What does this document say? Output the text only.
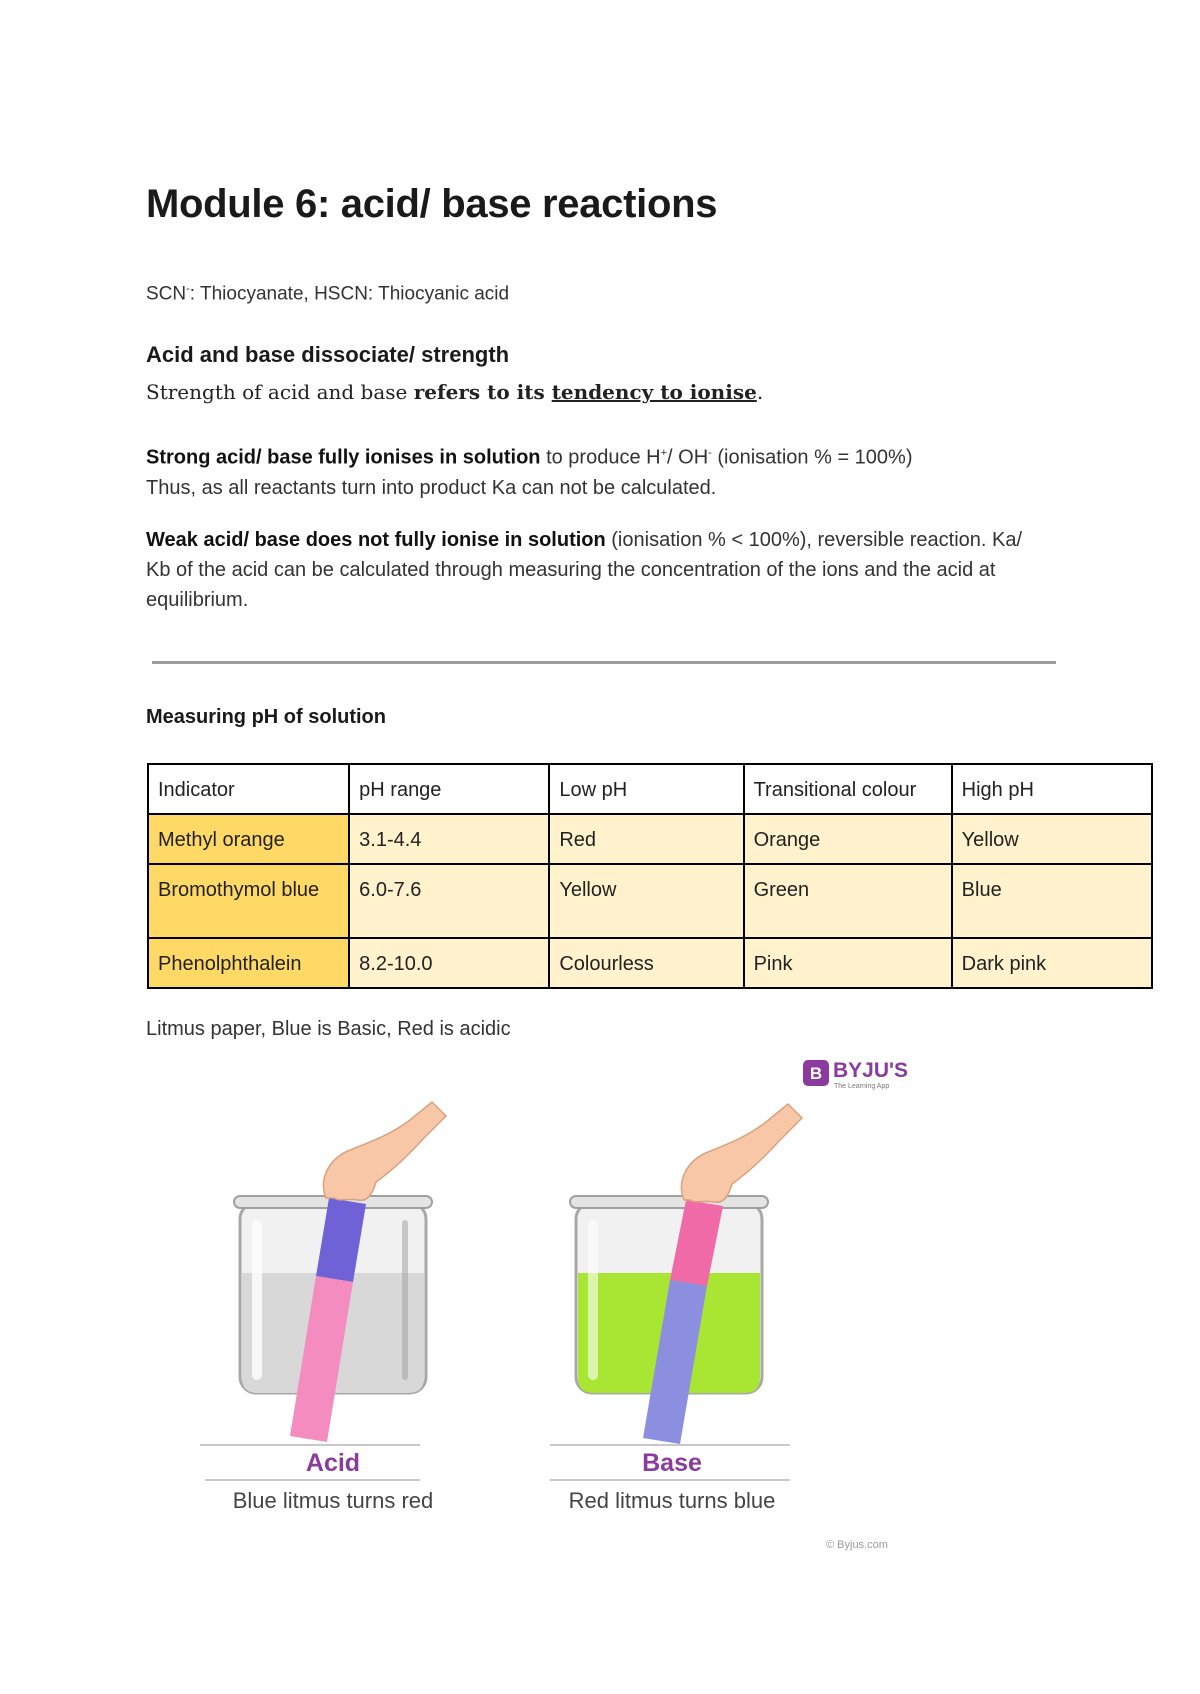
Module 6: acid/ base reactions
SCN-: Thiocyanate, HSCN: Thiocyanic acid
Acid and base dissociate/ strength
Strength of acid and base refers to its tendency to ionise.
Strong acid/ base fully ionises in solution to produce H+/ OH- (ionisation % = 100%)
Thus, as all reactants turn into product Ka can not be calculated.
Weak acid/ base does not fully ionise in solution (ionisation % < 100%), reversible reaction. Ka/ Kb of the acid can be calculated through measuring the concentration of the ions and the acid at equilibrium.
Measuring pH of solution
Indicator	pH range	Low pH	Transitional colour	High pH
Methyl orange	3.1-4.4	Red	Orange	Yellow
Bromothymol blue	6.0-7.6	Yellow	Green	Blue
Phenolphthalein	8.2-10.0	Colourless	Pink	Dark pink
Litmus paper, Blue is Basic, Red is acidic
B BYJU'S
The Learning App
Acid
Blue litmus turns red
Base
Red litmus turns blue
© Byjus.com
